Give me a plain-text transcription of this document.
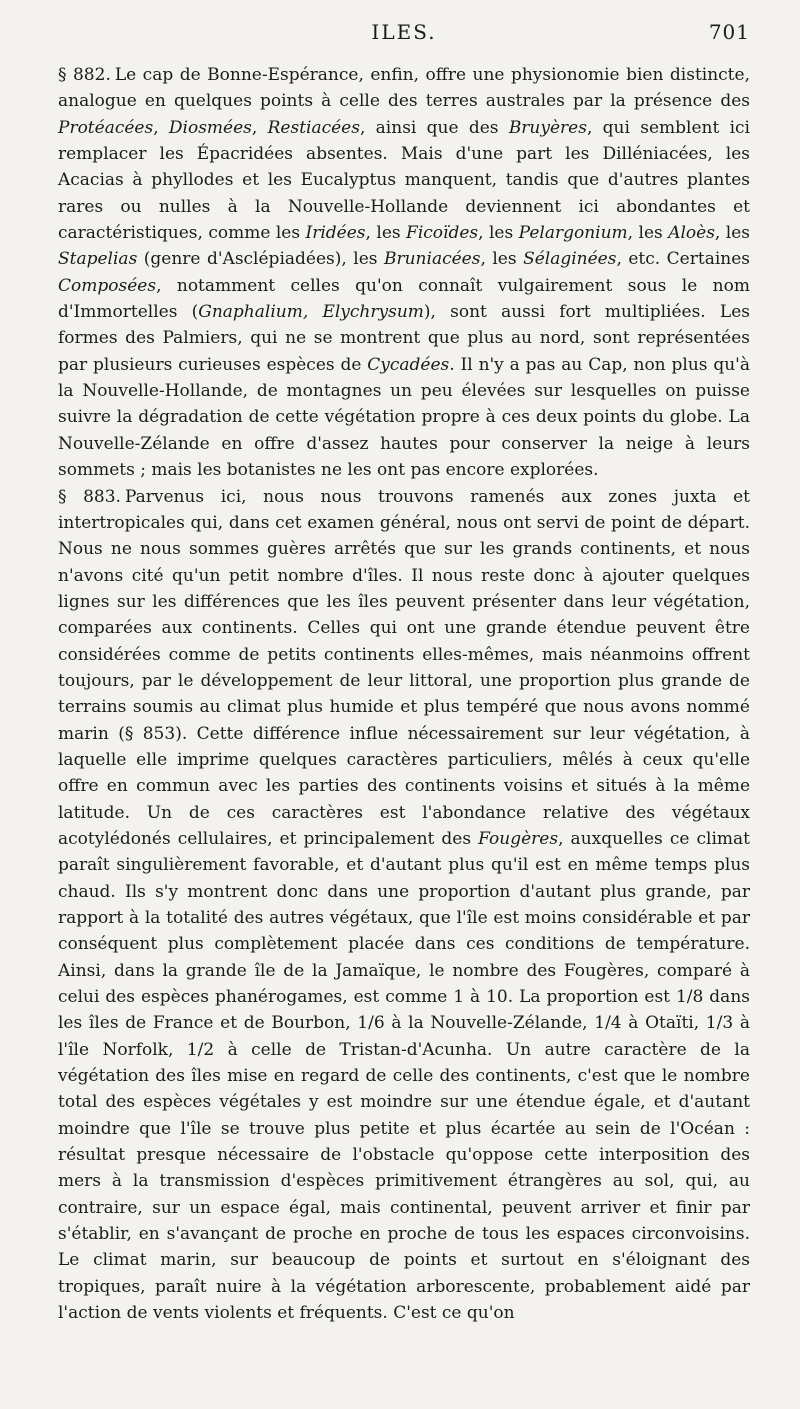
ILES.	701

§ 882. Le cap de Bonne-Espérance, enfin, offre une physionomie bien distincte, analogue en quelques points à celle des terres australes par la présence des Protéacées, Diosmées, Restiacées, ainsi que des Bruyères, qui semblent ici remplacer les Épacridées absentes. Mais d'une part les Dilléniacées, les Acacias à phyllodes et les Eucalyptus manquent, tandis que d'autres plantes rares ou nulles à la Nouvelle-Hollande deviennent ici abondantes et caractéristiques, comme les Iridées, les Ficoïdes, les Pelargonium, les Aloès, les Stapelias (genre d'Asclépiadées), les Bruniacées, les Sélaginées, etc. Certaines Composées, notamment celles qu'on connaît vulgairement sous le nom d'Immortelles (Gnaphalium, Elychrysum), sont aussi fort multipliées. Les formes des Palmiers, qui ne se montrent que plus au nord, sont représentées par plusieurs curieuses espèces de Cycadées. Il n'y a pas au Cap, non plus qu'à la Nouvelle-Hollande, de montagnes un peu élevées sur lesquelles on puisse suivre la dégradation de cette végétation propre à ces deux points du globe. La Nouvelle-Zélande en offre d'assez hautes pour conserver la neige à leurs sommets ; mais les botanistes ne les ont pas encore explorées.

§ 883. Parvenus ici, nous nous trouvons ramenés aux zones juxta et intertropicales qui, dans cet examen général, nous ont servi de point de départ. Nous ne nous sommes guères arrêtés que sur les grands continents, et nous n'avons cité qu'un petit nombre d'îles. Il nous reste donc à ajouter quelques lignes sur les différences que les îles peuvent présenter dans leur végétation, comparées aux continents. Celles qui ont une grande étendue peuvent être considérées comme de petits continents elles-mêmes, mais néanmoins offrent toujours, par le développement de leur littoral, une proportion plus grande de terrains soumis au climat plus humide et plus tempéré que nous avons nommé marin (§ 853). Cette différence influe nécessairement sur leur végétation, à laquelle elle imprime quelques caractères particuliers, mêlés à ceux qu'elle offre en commun avec les parties des continents voisins et situés à la même latitude. Un de ces caractères est l'abondance relative des végétaux acotylédonés cellulaires, et principalement des Fougères, auxquelles ce climat paraît singulièrement favorable, et d'autant plus qu'il est en même temps plus chaud. Ils s'y montrent donc dans une proportion d'autant plus grande, par rapport à la totalité des autres végétaux, que l'île est moins considérable et par conséquent plus complètement placée dans ces conditions de température. Ainsi, dans la grande île de la Jamaïque, le nombre des Fougères, comparé à celui des espèces phanérogames, est comme 1 à 10. La proportion est 1/8 dans les îles de France et de Bourbon, 1/6 à la Nouvelle-Zélande, 1/4 à Otaïti, 1/3 à l'île Norfolk, 1/2 à celle de Tristan-d'Acunha. Un autre caractère de la végétation des îles mise en regard de celle des continents, c'est que le nombre total des espèces végétales y est moindre sur une étendue égale, et d'autant moindre que l'île se trouve plus petite et plus écartée au sein de l'Océan : résultat presque nécessaire de l'obstacle qu'oppose cette interposition des mers à la transmission d'espèces primitivement étrangères au sol, qui, au contraire, sur un espace égal, mais continental, peuvent arriver et finir par s'établir, en s'avançant de proche en proche de tous les espaces circonvoisins. Le climat marin, sur beaucoup de points et surtout en s'éloignant des tropiques, paraît nuire à la végétation arborescente, probablement aidé par l'action de vents violents et fréquents. C'est ce qu'on
